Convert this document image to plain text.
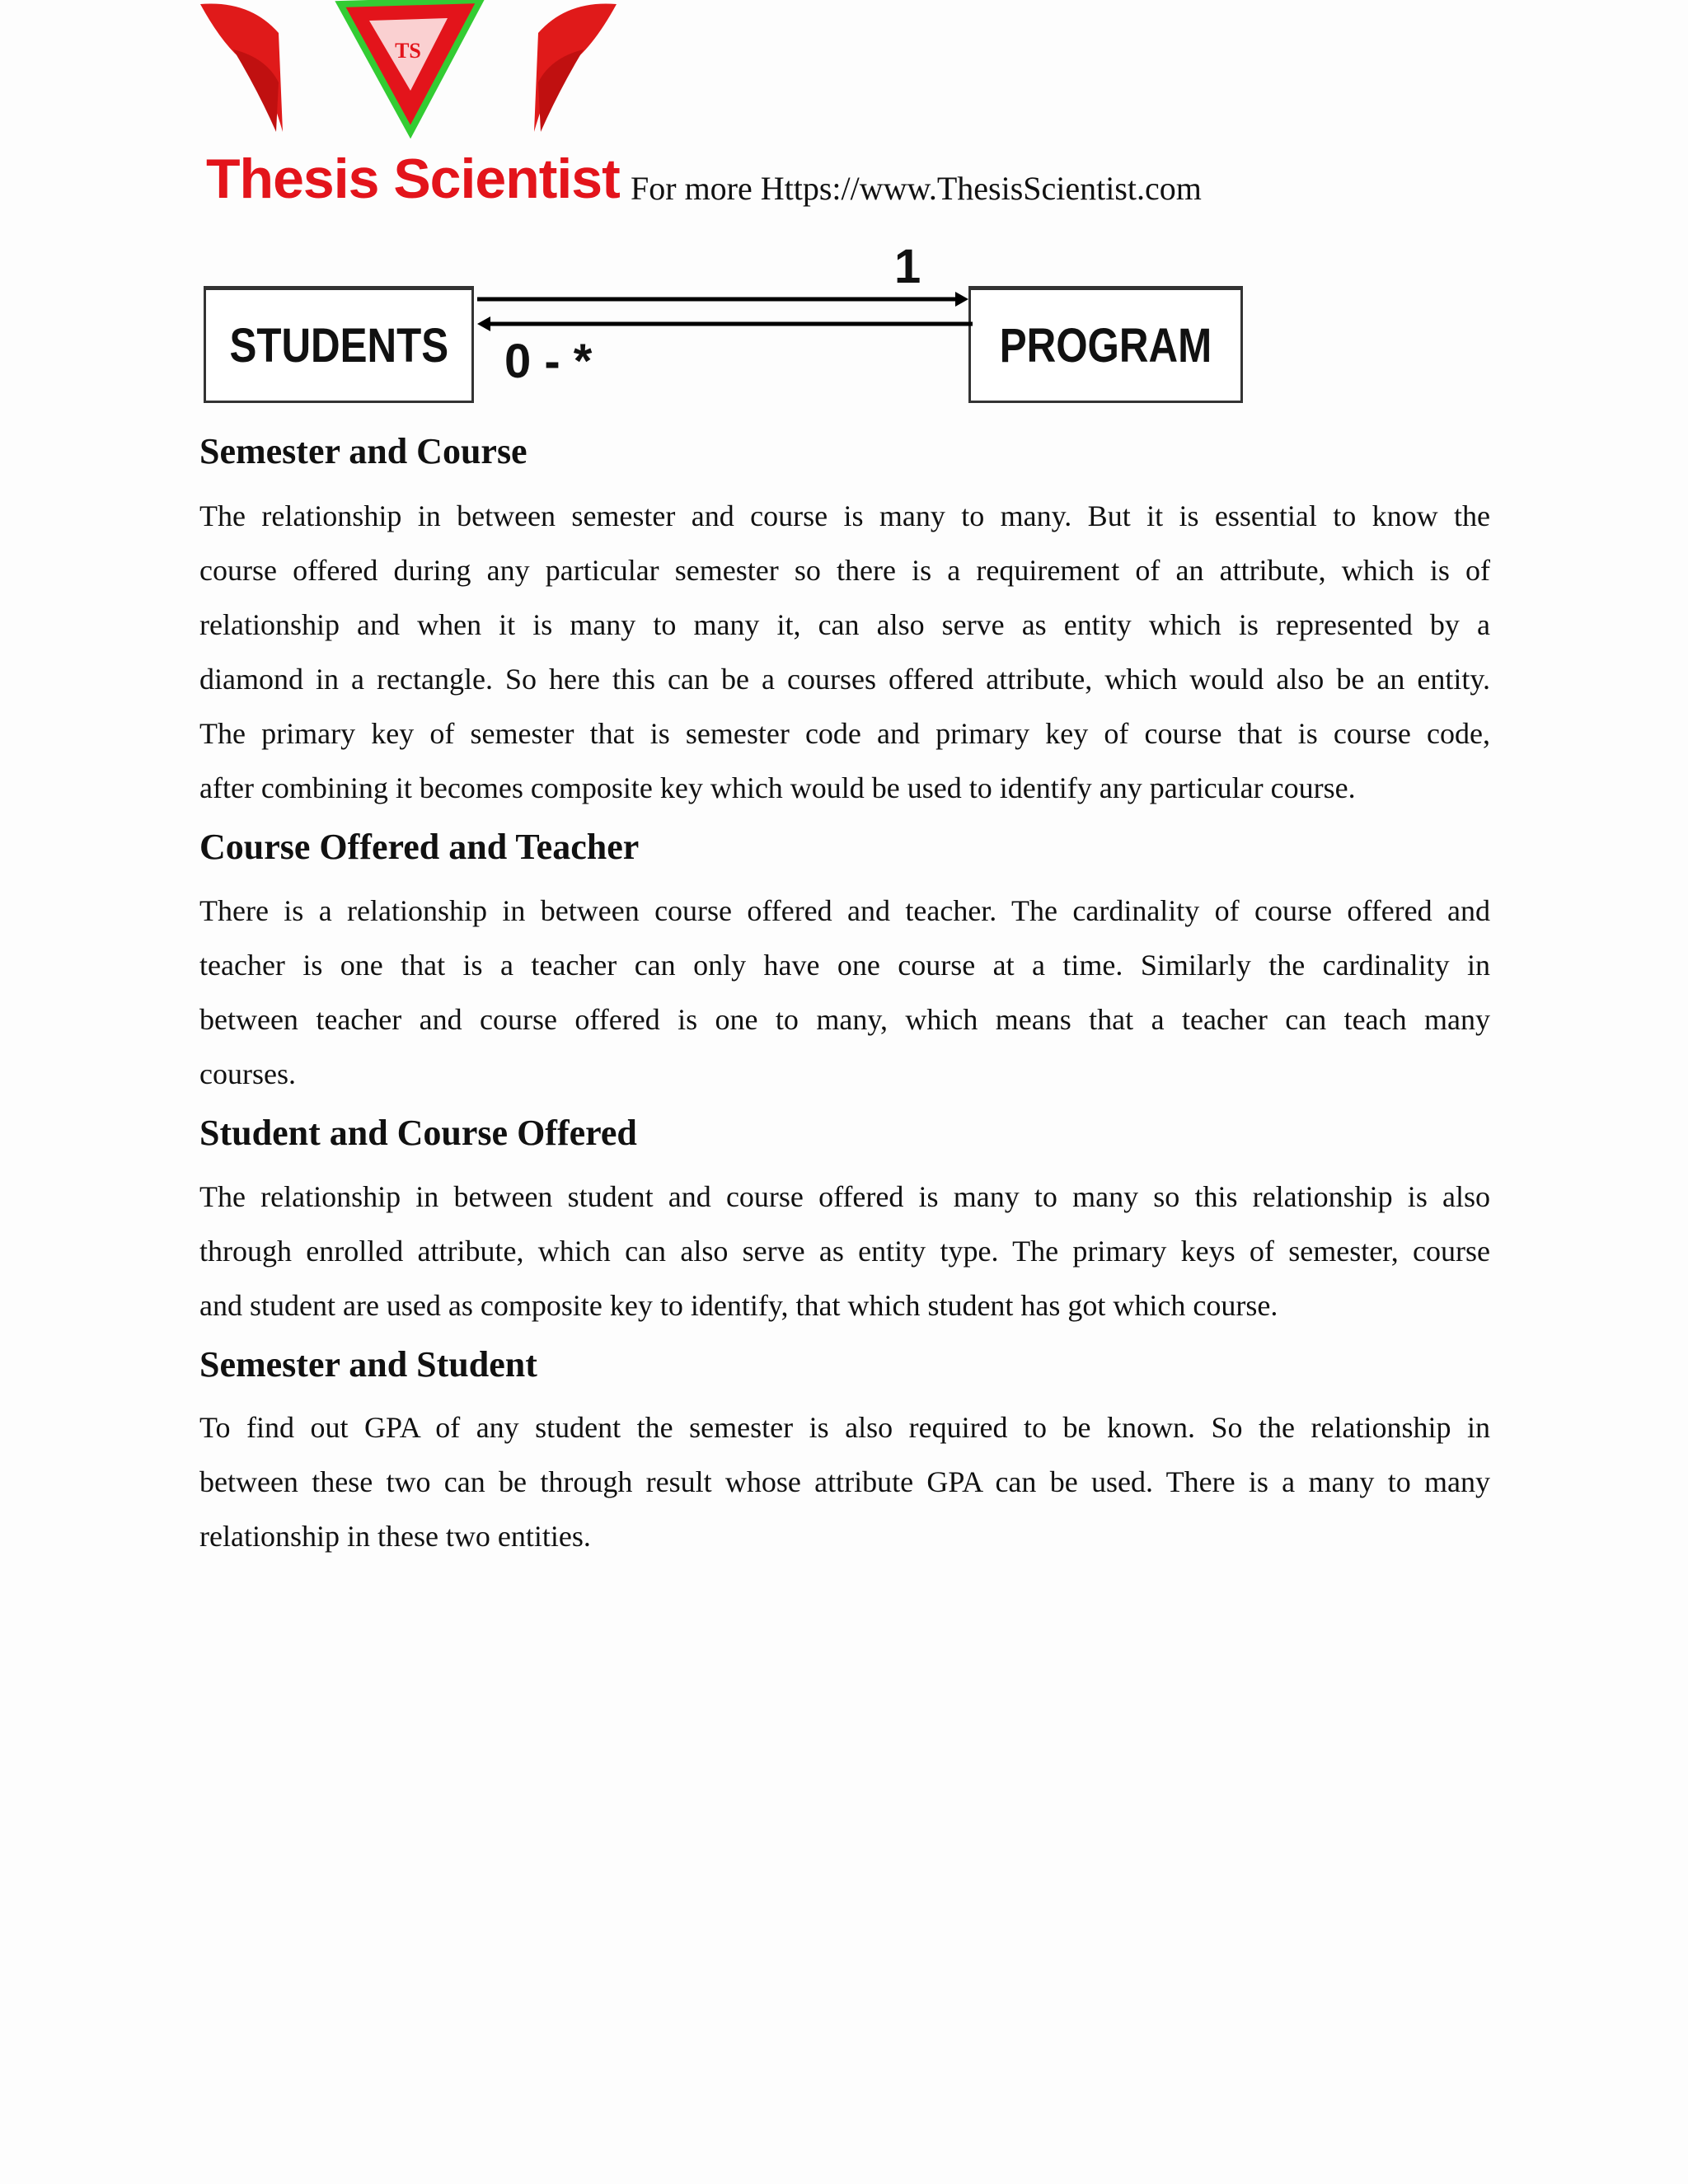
TS
Thesis Scientist For more Https://www.ThesisScientist.com
STUDENTS	PROGRAM
1
0 - *
Semester and Course
The relationship in between semester and course is many to many. But it is essential to know the
course offered during any particular semester so there is a requirement of an attribute, which is of
relationship and when it is many to many it, can also serve as entity which is represented by a
diamond in a rectangle. So here this can be a courses offered attribute, which would also be an entity.
The primary key of semester that is semester code and primary key of course that is course code,
after combining it becomes composite key which would be used to identify any particular course.
Course Offered and Teacher
There is a relationship in between course offered and teacher. The cardinality of course offered and
teacher is one that is a teacher can only have one course at a time. Similarly the cardinality in
between teacher and course offered is one to many, which means that a teacher can teach many
courses.
Student and Course Offered
The relationship in between student and course offered is many to many so this relationship is also
through enrolled attribute, which can also serve as entity type. The primary keys of semester, course
and student are used as composite key to identify, that which student has got which course.
Semester and Student
To find out GPA of any student the semester is also required to be known. So the relationship in
between these two can be through result whose attribute GPA can be used. There is a many to many
relationship in these two entities.
